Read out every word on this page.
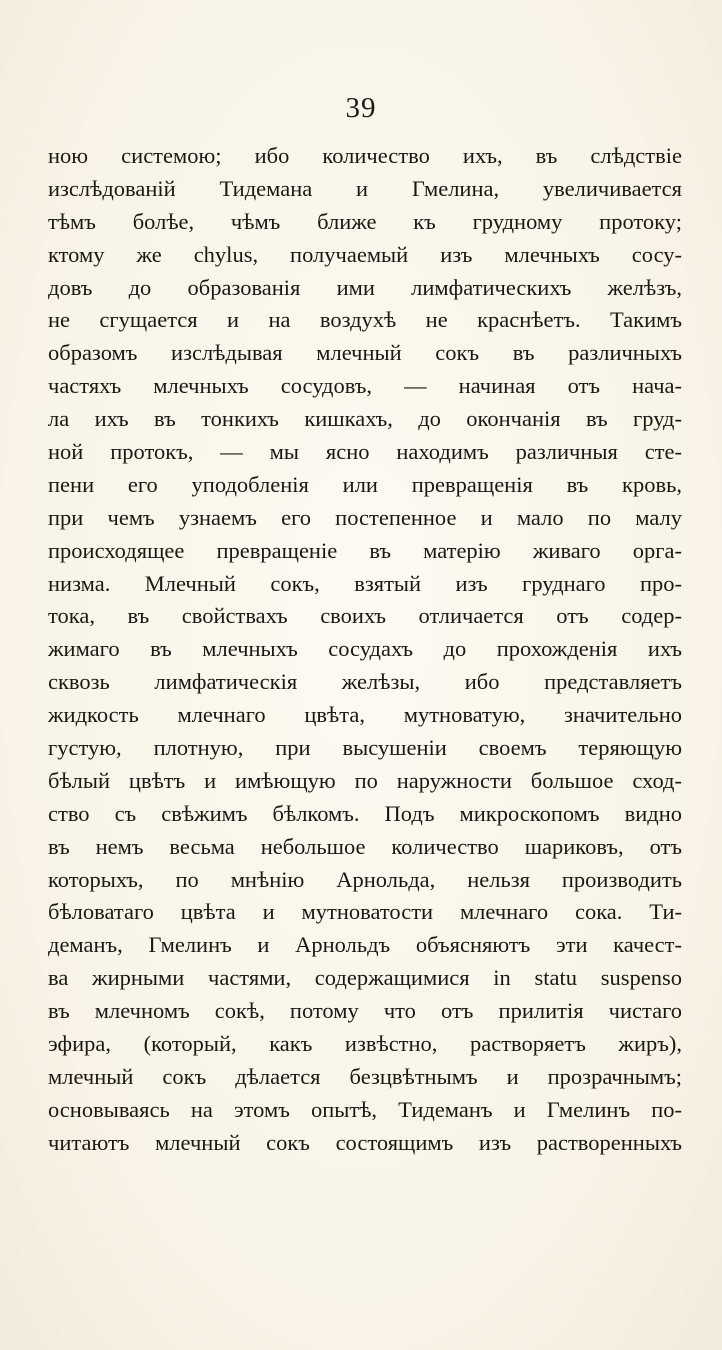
39
ною системою; ибо количество ихъ, въ слѣдствіе
изслѣдованій Тидемана и Гмелина, увеличивается
тѣмъ болѣе, чѣмъ ближе къ грудному протоку;
ктому же chylus, получаемый изъ млечныхъ сосу-
довъ до образованія ими лимфатическихъ желѣзъ,
не сгущается и на воздухѣ не краснѣетъ. Такимъ
образомъ изслѣдывая млечный сокъ въ различныхъ
частяхъ млечныхъ сосудовъ, — начиная отъ нача-
ла ихъ въ тонкихъ кишкахъ, до окончанія въ груд-
ной протокъ, — мы ясно находимъ различныя сте-
пени его уподобленія или превращенія въ кровь,
при чемъ узнаемъ его постепенное и мало по малу
происходящее превращеніе въ матерію живаго орга-
низма. Млечный сокъ, взятый изъ груднаго про-
тока, въ свойствахъ своихъ отличается отъ содер-
жимаго въ млечныхъ сосудахъ до прохожденія ихъ
сквозь лимфатическія желѣзы, ибо представляетъ
жидкость млечнаго цвѣта, мутноватую, значительно
густую, плотную, при высушеніи своемъ теряющую
бѣлый цвѣтъ и имѣющую по наружности большое сход-
ство съ свѣжимъ бѣлкомъ. Подъ микроскопомъ видно
въ немъ весьма небольшое количество шариковъ, отъ
которыхъ, по мнѣнію Арнольда, нельзя производить
бѣловатаго цвѣта и мутноватости млечнаго сока. Ти-
деманъ, Гмелинъ и Арнольдъ объясняютъ эти качест-
ва жирными частями, содержащимися in statu suspenso
въ млечномъ сокѣ, потому что отъ прилитія чистаго
эфира, (который, какъ извѣстно, растворяетъ жиръ),
млечный сокъ дѣлается безцвѣтнымъ и прозрачнымъ;
основываясь на этомъ опытѣ, Тидеманъ и Гмелинъ по-
читаютъ млечный сокъ состоящимъ изъ растворенныхъ
